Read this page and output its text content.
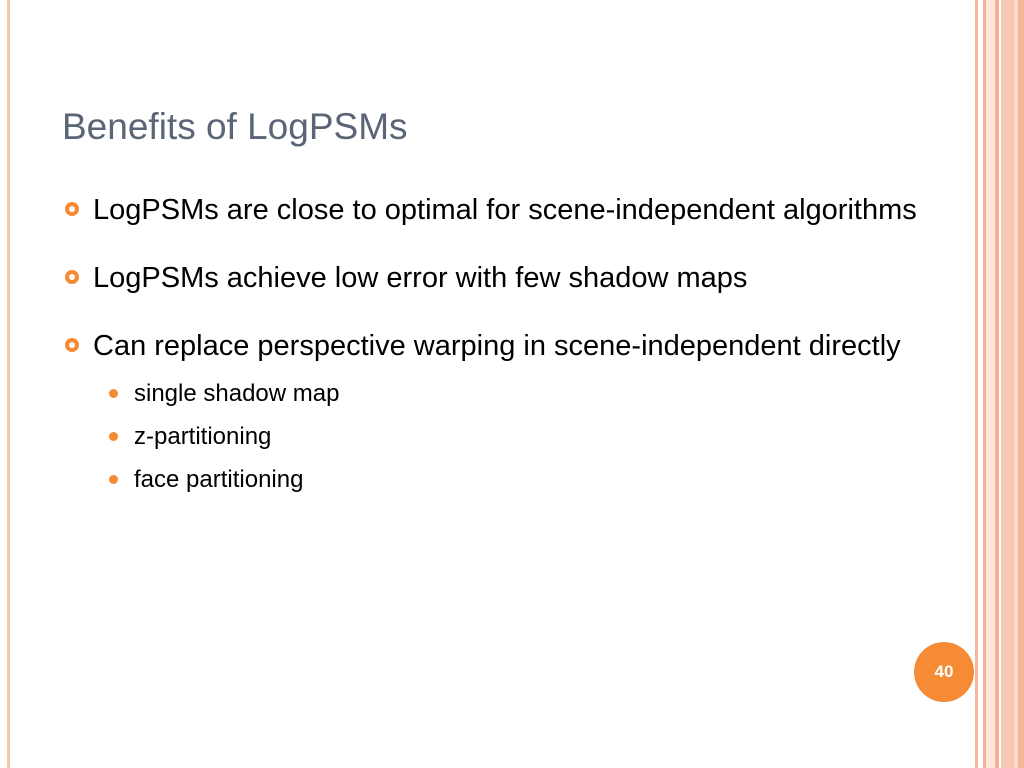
Benefits of LogPSMs
LogPSMs are close to optimal for scene-independent algorithms
LogPSMs achieve low error with few shadow maps
Can replace perspective warping in scene-independent directly
single shadow map
z-partitioning
face partitioning
40
